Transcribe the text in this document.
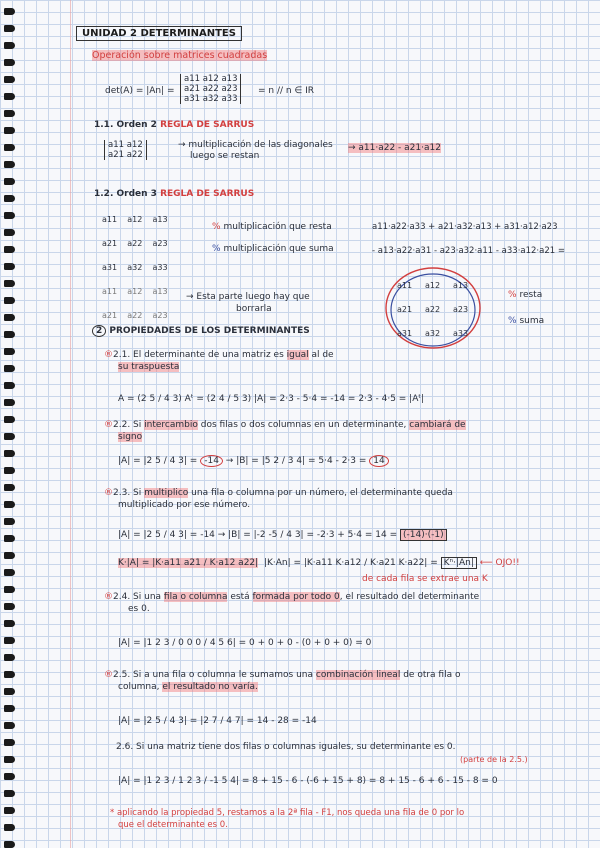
UNIDAD 2 DETERMINANTES
Operación sobre matrices cuadradas
det(A) = |An| =
a11 a12 a13
a21 a22 a23
a31 a32 a33
= n // n ∈ IR
1.1. Orden 2 REGLA DE SARRUS
a11 a12
a21 a22
→ multiplicación de las diagonales
luego se restan
→ a11·a22 - a21·a12
1.2. Orden 3 REGLA DE SARRUS
a11 a12 a13
a21 a22 a23
a31 a32 a33
a11 a12 a13
a21 a22 a23
% multiplicación que resta
% multiplicación que suma
a11·a22·a33 + a21·a32·a13 + a31·a12·a23
- a13·a22·a31 - a23·a32·a11 - a33·a12·a21 =
→ Esta parte luego hay que
borrarla
a11 a12 a13
a21 a22 a23
a31 a32 a33
% resta
% suma
2 PROPIEDADES DE LOS DETERMINANTES
®2.1. El determinante de una matriz es igual al de
su traspuesta
A = (2 5 / 4 3) Aᵗ = (2 4 / 5 3) |A| = 2·3 - 5·4 = -14 = 2·3 - 4·5 = |Aᵗ|
®2.2. Si intercambio dos filas o dos columnas en un determinante, cambiará de
signo
|A| = |2 5 / 4 3| = -14 → |B| = |5 2 / 3 4| = 5·4 - 2·3 = 14
®2.3. Si multiplico una fila o columna por un número, el determinante queda
multiplicado por ese número.
|A| = |2 5 / 4 3| = -14 → |B| = |-2 -5 / 4 3| = -2·3 + 5·4 = 14 = (-14)·(-1)
K·|A| = |K·a11 a21 / K·a12 a22| |K·An| = |K·a11 K·a12 / K·a21 K·a22| = Kⁿ·|An| ⟵ OJO!!
de cada fila se extrae una K
®2.4. Si una fila o columna está formada por todo 0, el resultado del determinante
es 0.
|A| = |1 2 3 / 0 0 0 / 4 5 6| = 0 + 0 + 0 - (0 + 0 + 0) = 0
®2.5. Si a una fila o columna le sumamos una combinación lineal de otra fila o
columna, el resultado no varía.
|A| = |2 5 / 4 3| = |2 7 / 4 7| = 14 - 28 = -14
2.6. Si una matriz tiene dos filas o columnas iguales, su determinante es 0.
(parte de la 2.5.)
|A| = |1 2 3 / 1 2 3 / -1 5 4| = 8 + 15 - 6 - (-6 + 15 + 8) = 8 + 15 - 6 + 6 - 15 - 8 = 0
* aplicando la propiedad 5, restamos a la 2ª fila - F1, nos queda una fila de 0 por lo
que el determinante es 0.
